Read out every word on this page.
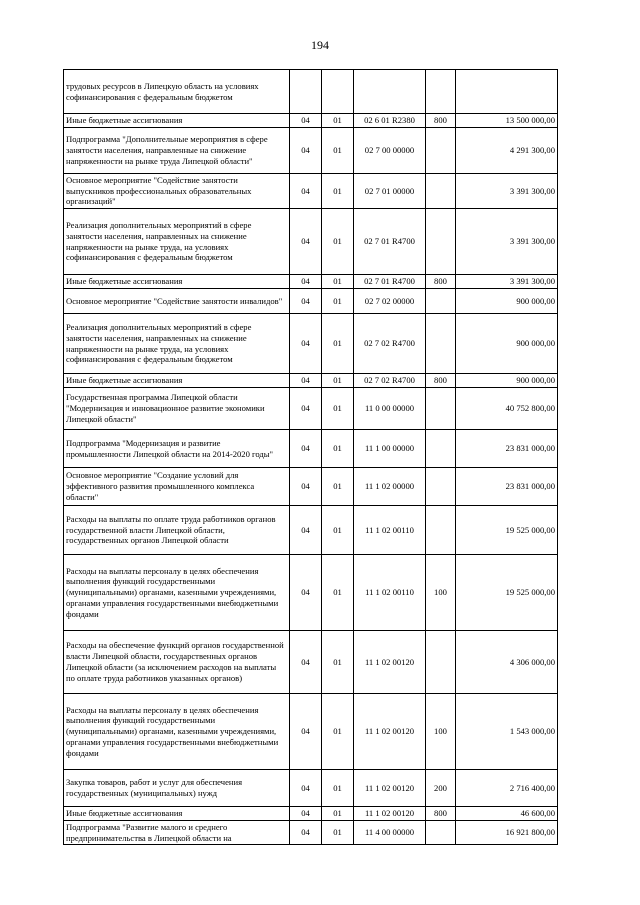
194
трудовых ресурсов в Липецкую область на условиях софинансирования с федеральным бюджетом					
Иные бюджетные ассигнования	04	01	02 6 01 R2380	800	13 500 000,00
Подпрограмма "Дополнительные мероприятия в сфере занятости населения, направленные на снижение напряженности на рынке труда Липецкой области"	04	01	02 7 00 00000		4 291 300,00
Основное мероприятие "Содействие занятости выпускников профессиональных образовательных организаций"	04	01	02 7 01 00000		3 391 300,00
Реализация дополнительных мероприятий в сфере занятости населения, направленных на снижение напряженности на рынке труда, на условиях софинансирования с федеральным бюджетом	04	01	02 7 01 R4700		3 391 300,00
Иные бюджетные ассигнования	04	01	02 7 01 R4700	800	3 391 300,00
Основное мероприятие "Содействие занятости инвалидов"	04	01	02 7 02 00000		900 000,00
Реализация дополнительных мероприятий в сфере занятости населения, направленных на снижение напряженности на рынке труда, на условиях софинансирования с федеральным бюджетом	04	01	02 7 02 R4700		900 000,00
Иные бюджетные ассигнования	04	01	02 7 02 R4700	800	900 000,00
Государственная программа Липецкой области "Модернизация и инновационное развитие экономики Липецкой области"	04	01	11 0 00 00000		40 752 800,00
Подпрограмма "Модернизация и развитие промышленности Липецкой области на 2014-2020 годы"	04	01	11 1 00 00000		23 831 000,00
Основное мероприятие "Создание условий для эффективного развития промышленного комплекса области"	04	01	11 1 02 00000		23 831 000,00
Расходы на выплаты по оплате труда работников органов государственной власти Липецкой области, государственных органов Липецкой области	04	01	11 1 02 00110		19 525 000,00
Расходы на выплаты персоналу в целях обеспечения выполнения функций государственными (муниципальными) органами, казенными учреждениями, органами управления государственными внебюджетными фондами	04	01	11 1 02 00110	100	19 525 000,00
Расходы на обеспечение функций органов государственной власти Липецкой области, государственных органов Липецкой области (за исключением расходов на выплаты по оплате труда работников указанных органов)	04	01	11 1 02 00120		4 306 000,00
Расходы на выплаты персоналу в целях обеспечения выполнения функций государственными (муниципальными) органами, казенными учреждениями, органами управления государственными внебюджетными фондами	04	01	11 1 02 00120	100	1 543 000,00
Закупка товаров, работ и услуг для обеспечения государственных (муниципальных) нужд	04	01	11 1 02 00120	200	2 716 400,00
Иные бюджетные ассигнования	04	01	11 1 02 00120	800	46 600,00
Подпрограмма "Развитие малого и среднего предпринимательства в Липецкой области на	04	01	11 4 00 00000		16 921 800,00
